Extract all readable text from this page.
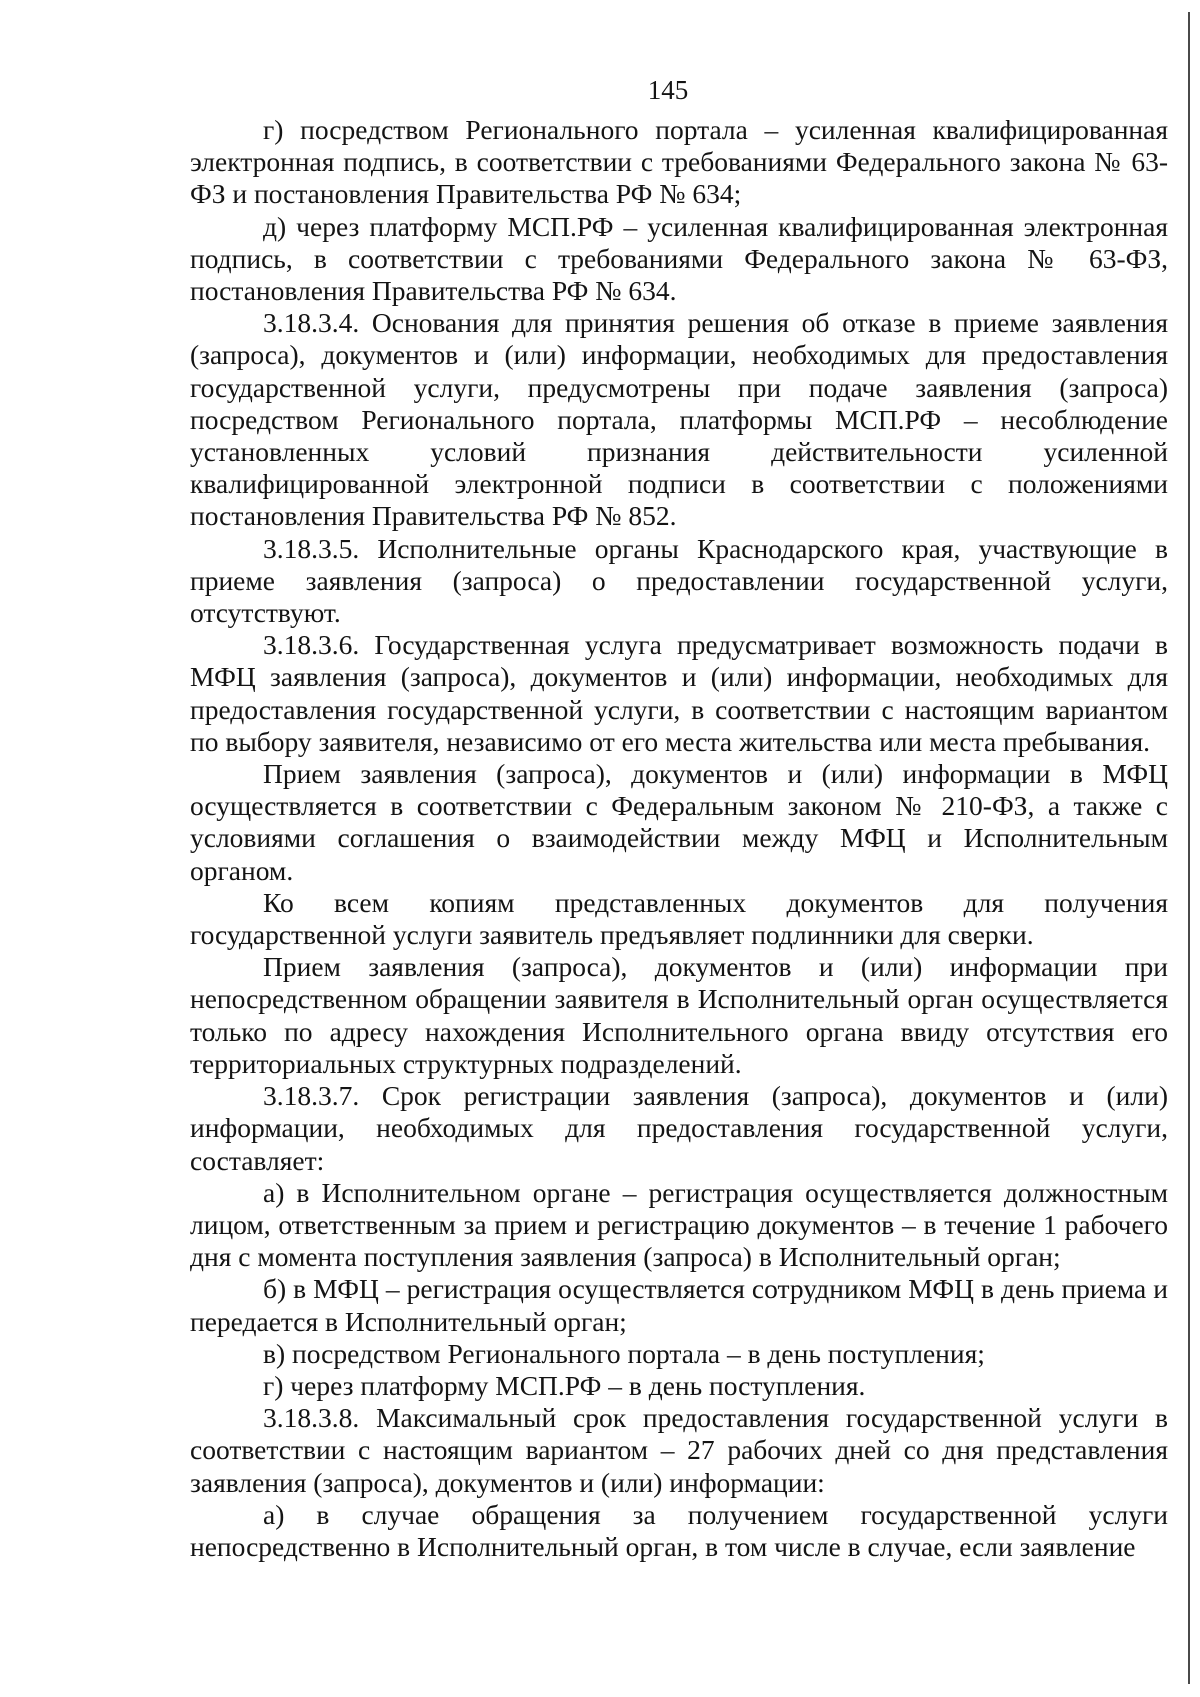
145

г) посредством Регионального портала – усиленная квалифицированная электронная подпись, в соответствии с требованиями Федерального закона № 63-ФЗ и постановления Правительства РФ № 634;

д) через платформу МСП.РФ – усиленная квалифицированная электронная подпись, в соответствии с требованиями Федерального закона № 63-ФЗ, постановления Правительства РФ № 634.

3.18.3.4. Основания для принятия решения об отказе в приеме заявления (запроса), документов и (или) информации, необходимых для предоставления государственной услуги, предусмотрены при подаче заявления (запроса) посредством Регионального портала, платформы МСП.РФ – несоблюдение установленных условий признания действительности усиленной квалифицированной электронной подписи в соответствии с положениями постановления Правительства РФ № 852.

3.18.3.5. Исполнительные органы Краснодарского края, участвующие в приеме заявления (запроса) о предоставлении государственной услуги, отсутствуют.

3.18.3.6. Государственная услуга предусматривает возможность подачи в МФЦ заявления (запроса), документов и (или) информации, необходимых для предоставления государственной услуги, в соответствии с настоящим вариантом по выбору заявителя, независимо от его места жительства или места пребывания.

Прием заявления (запроса), документов и (или) информации в МФЦ осуществляется в соответствии с Федеральным законом № 210-ФЗ, а также с условиями соглашения о взаимодействии между МФЦ и Исполнительным органом.

Ко всем копиям представленных документов для получения государственной услуги заявитель предъявляет подлинники для сверки.

Прием заявления (запроса), документов и (или) информации при непосредственном обращении заявителя в Исполнительный орган осуществляется только по адресу нахождения Исполнительного органа ввиду отсутствия его территориальных структурных подразделений.

3.18.3.7. Срок регистрации заявления (запроса), документов и (или) информации, необходимых для предоставления государственной услуги, составляет:

а) в Исполнительном органе – регистрация осуществляется должностным лицом, ответственным за прием и регистрацию документов – в течение 1 рабочего дня с момента поступления заявления (запроса) в Исполнительный орган;

б) в МФЦ – регистрация осуществляется сотрудником МФЦ в день приема и передается в Исполнительный орган;

в) посредством Регионального портала – в день поступления;

г) через платформу МСП.РФ – в день поступления.

3.18.3.8. Максимальный срок предоставления государственной услуги в соответствии с настоящим вариантом – 27 рабочих дней со дня представления заявления (запроса), документов и (или) информации:

а) в случае обращения за получением государственной услуги непосредственно в Исполнительный орган, в том числе в случае, если заявление
